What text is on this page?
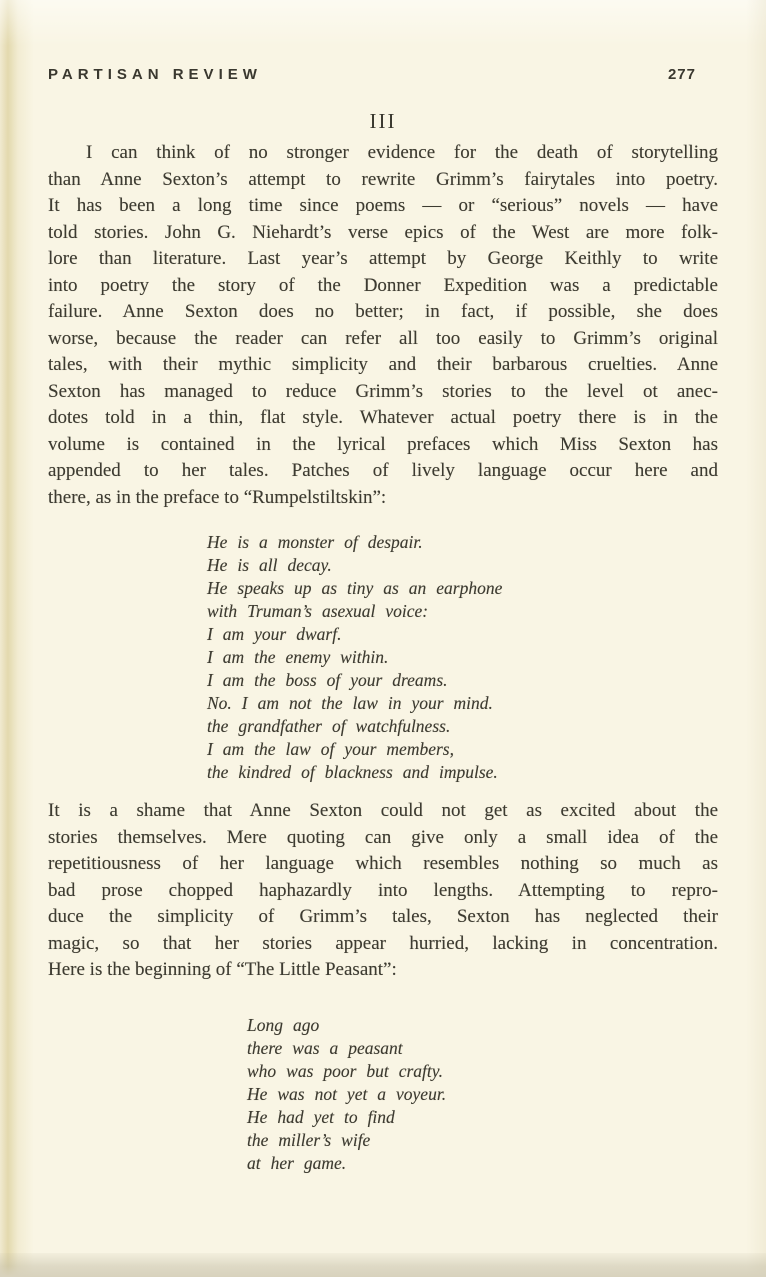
PARTISAN REVIEW	277
III
I can think of no stronger evidence for the death of storytelling
than Anne Sexton’s attempt to rewrite Grimm’s fairytales into poetry.
It has been a long time since poems — or “serious” novels — have
told stories. John G. Niehardt’s verse epics of the West are more folk-
lore than literature. Last year’s attempt by George Keithly to write
into poetry the story of the Donner Expedition was a predictable
failure. Anne Sexton does no better; in fact, if possible, she does
worse, because the reader can refer all too easily to Grimm’s original
tales, with their mythic simplicity and their barbarous cruelties. Anne
Sexton has managed to reduce Grimm’s stories to the level ot anec-
dotes told in a thin, flat style. Whatever actual poetry there is in the
volume is contained in the lyrical prefaces which Miss Sexton has
appended to her tales. Patches of lively language occur here and
there, as in the preface to “Rumpelstiltskin”:
He is a monster of despair.
He is all decay.
He speaks up as tiny as an earphone
with Truman’s asexual voice:
I am your dwarf.
I am the enemy within.
I am the boss of your dreams.
No. I am not the law in your mind.
the grandfather of watchfulness.
I am the law of your members,
the kindred of blackness and impulse.
It is a shame that Anne Sexton could not get as excited about the
stories themselves. Mere quoting can give only a small idea of the
repetitiousness of her language which resembles nothing so much as
bad prose chopped haphazardly into lengths. Attempting to repro-
duce the simplicity of Grimm’s tales, Sexton has neglected their
magic, so that her stories appear hurried, lacking in concentration.
Here is the beginning of “The Little Peasant”:
Long ago
there was a peasant
who was poor but crafty.
He was not yet a voyeur.
He had yet to find
the miller’s wife
at her game.
